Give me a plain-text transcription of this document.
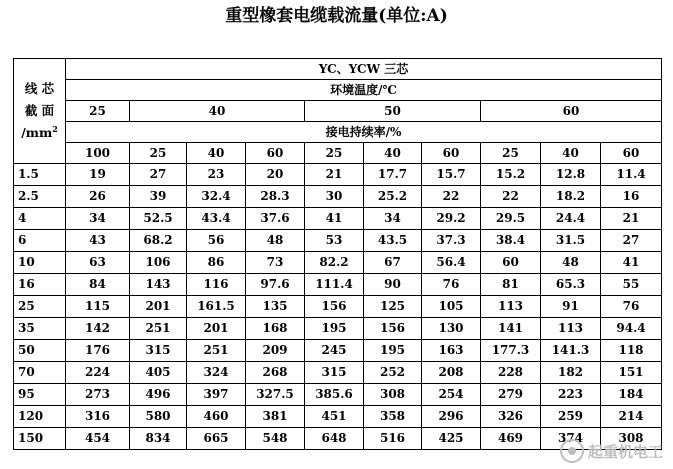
重型橡套电缆载流量(单位:A)
线 芯
截 面
$/mm^2$	YC、YCW 三芯									
	环境温度/℃									
	25	40			50			60		
	接电持续率/%									
	100	25	40	60	25	40	60	25	40	60
1.5	19	27	23	20	21	17.7	15.7	15.2	12.8	11.4
2.5	26	39	32.4	28.3	30	25.2	22	22	18.2	16
4	34	52.5	43.4	37.6	41	34	29.2	29.5	24.4	21
6	43	68.2	56	48	53	43.5	37.3	38.4	31.5	27
10	63	106	86	73	82.2	67	56.4	60	48	41
16	84	143	116	97.6	111.4	90	76	81	65.3	55
25	115	201	161.5	135	156	125	105	113	91	76
35	142	251	201	168	195	156	130	141	113	94.4
50	176	315	251	209	245	195	163	177.3	141.3	118
70	224	405	324	268	315	252	208	228	182	151
95	273	496	397	327.5	385.6	308	254	279	223	184
120	316	580	460	381	451	358	296	326	259	214
150	454	834	665	548	648	516	425	469	374	308
起重机电工
